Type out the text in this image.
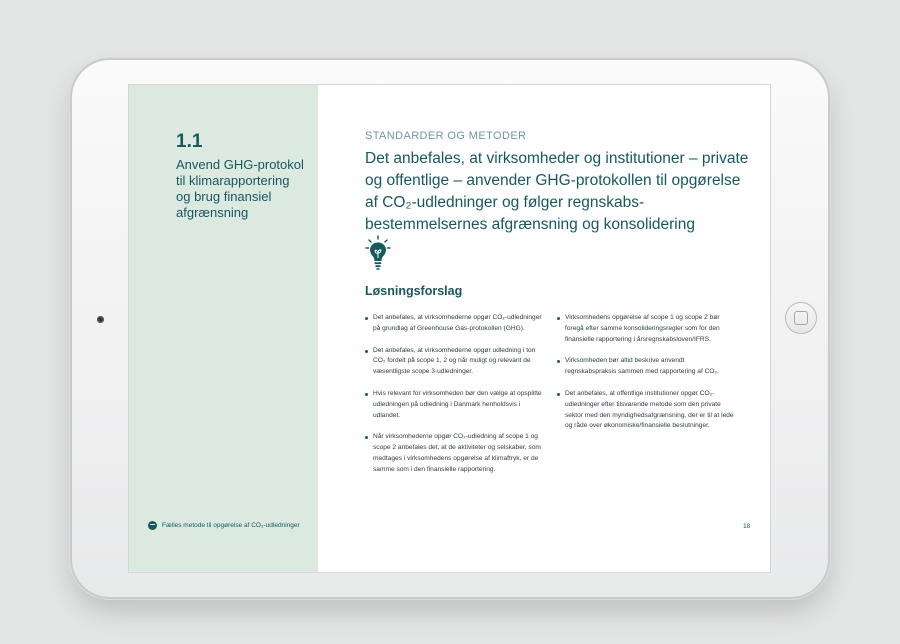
1.1
Anvend GHG-protokol til klimarapportering og brug finansiel afgrænsning
Fælles metode til opgørelse af CO₂-udledninger
STANDARDER OG METODER
Det anbefales, at virksomheder og institutioner – private og offentlige – anvender GHG-protokollen til opgørelse af CO₂-udledninger og følger regnskabs-bestemmelsernes afgrænsning og konsolidering
Løsningsforslag
Det anbefales, at virksomhederne opgør CO₂-udledninger på grundlag af Greenhouse Gas-protokollen (GHG).
Det anbefales, at virksomhederne opgør udledning i ton CO₂ fordelt på scope 1, 2 og når muligt og relevant de væsentligste scope 3-udledninger.
Hvis relevant for virksomheden bør den vælge at opsplitte udledningen på udledning i Danmark henholdsvis i udlandet.
Når virksomhederne opgør CO₂-udledning af scope 1 og scope 2 anbefales det, at de aktiviteter og selskaber, som medtages i virksomhedens opgørelse af klimaftryk, er de samme som i den finansielle rapportering.
Virksomhedens opgørelse af scope 1 og scope 2 bør foregå efter samme konsolideringsregler som for den finansielle rapportering i årsregnskabsloven/IFRS.
Virksomheden bør altid beskrive anvendt regnskabspraksis sammen med rapportering af CO₂.
Det anbefales, at offentlige institutioner opgør CO₂-udledninger efter tilsvarende metode som den private sektor med den myndighedsafgrænsning, der er til at lede og råde over økonomiske/finansielle beslutninger.
18
